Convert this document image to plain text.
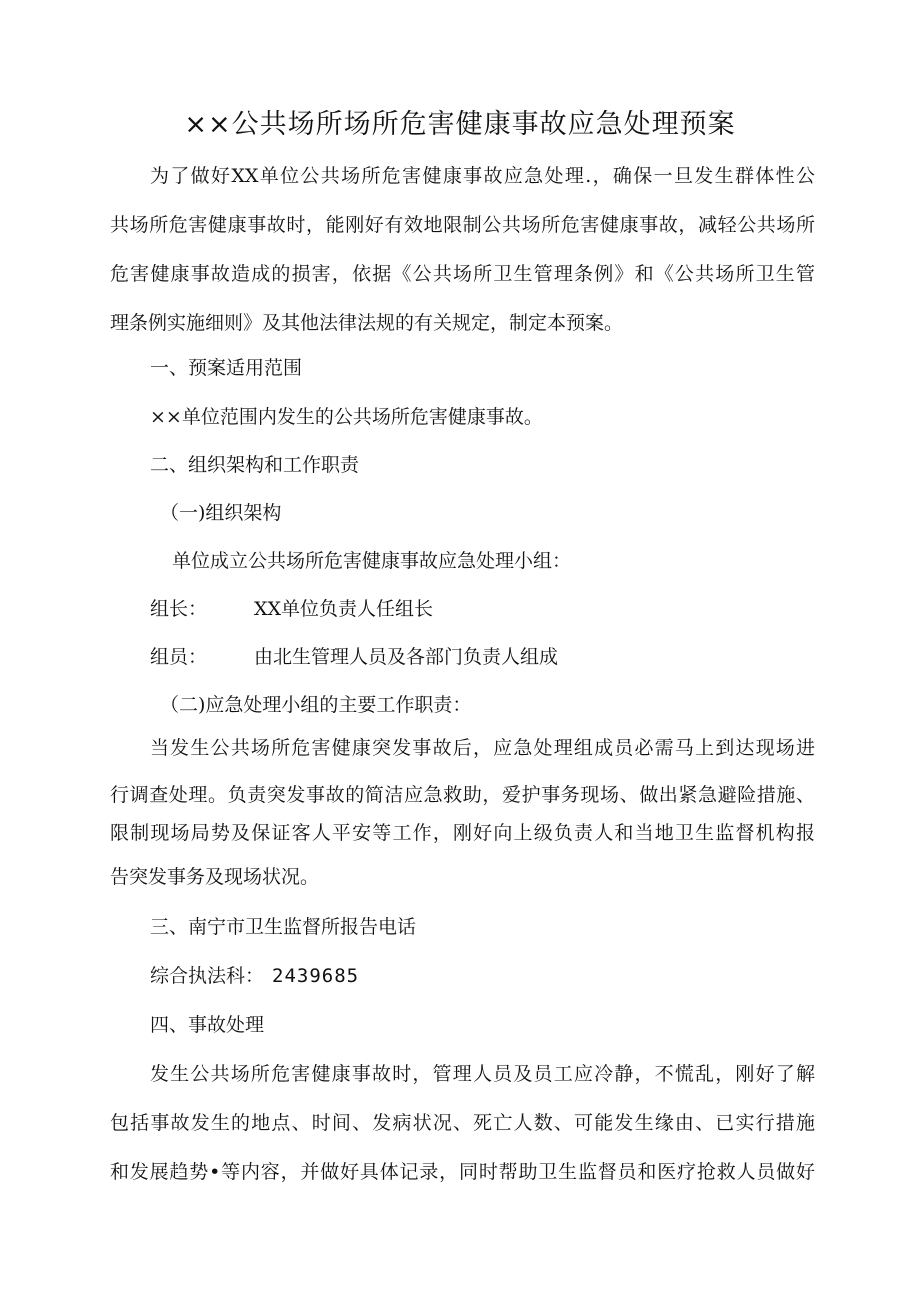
××公共场所场所危害健康事故应急处理预案

为了做好XX单位公共场所危害健康事故应急处理.，确保一旦发生群体性公

共场所危害健康事故时，能刚好有效地限制公共场所危害健康事故，减轻公共场所

危害健康事故造成的损害，依据《公共场所卫生管理条例》和《公共场所卫生管

理条例实施细则》及其他法律法规的有关规定，制定本预案。

一、预案适用范围

××单位范围内发生的公共场所危害健康事故。

二、组织架构和工作职责

（一)组织架构

单位成立公共场所危害健康事故应急处理小组：

组长： XX单位负责人任组长

组员： 由北生管理人员及各部门负责人组成

（二)应急处理小组的主要工作职责：

当发生公共场所危害健康突发事故后，应急处理组成员必需马上到达现场进

行调查处理。负责突发事故的简洁应急救助，爱护事务现场、做出紧急避险措施、

限制现场局势及保证客人平安等工作，刚好向上级负责人和当地卫生监督机构报

告突发事务及现场状况。

三、南宁市卫生监督所报告电话

综合执法科： 2439685

四、事故处理

发生公共场所危害健康事故时，管理人员及员工应冷静，不慌乱，刚好了解

包括事故发生的地点、时间、发病状况、死亡人数、可能发生缘由、已实行措施

和发展趋势•等内容，并做好具体记录，同时帮助卫生监督员和医疗抢救人员做好
